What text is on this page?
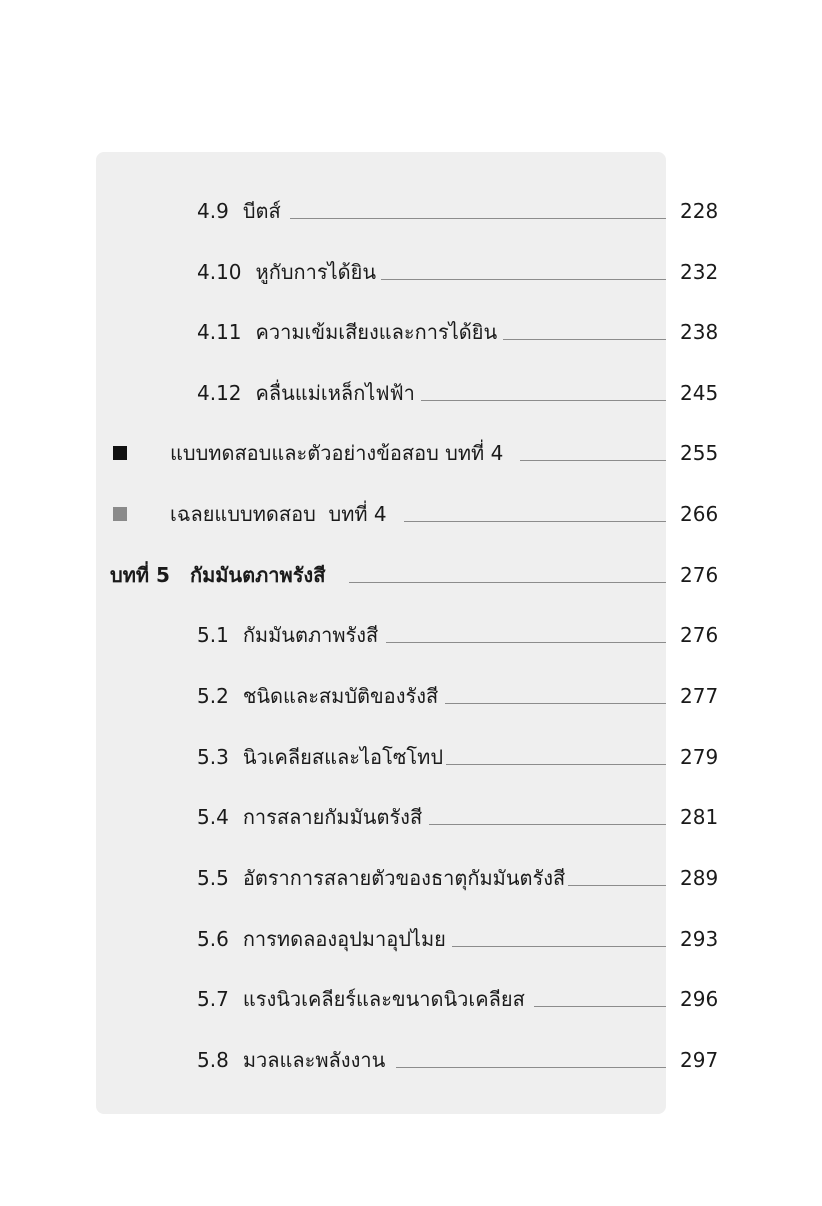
4.9 บีตส์	228
4.10 หูกับการได้ยิน	232
4.11 ความเข้มเสียงและการได้ยิน	238
4.12 คลื่นแม่เหล็กไฟฟ้า	245
แบบทดสอบและตัวอย่างข้อสอบ บทที่ 4	255
เฉลยแบบทดสอบ  บทที่ 4	266
บทที่ 5 กัมมันตภาพรังสี	276
5.1 กัมมันตภาพรังสี	276
5.2 ชนิดและสมบัติของรังสี	277
5.3 นิวเคลียสและไอโซโทป	279
5.4 การสลายกัมมันตรังสี	281
5.5 อัตราการสลายตัวของธาตุกัมมันตรังสี	289
5.6 การทดลองอุปมาอุปไมย	293
5.7 แรงนิวเคลียร์และขนาดนิวเคลียส	296
5.8 มวลและพลังงาน	297
